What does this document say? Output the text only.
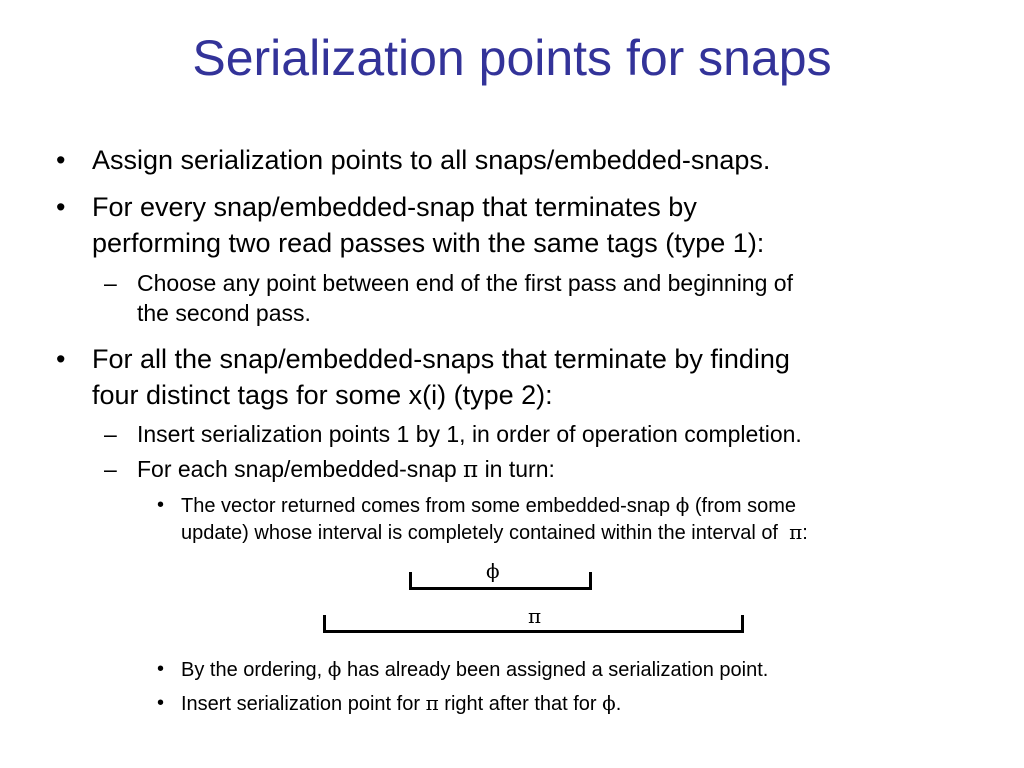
Serialization points for snaps
• Assign serialization points to all snaps/embedded-snaps.

• For every snap/embedded-snap that terminates by

performing two read passes with the same tags (type 1):

– Choose any point between end of the first pass and beginning of

the second pass.

• For all the snap/embedded-snaps that terminate by finding

four distinct tags for some x(i) (type 2):

– Insert serialization points 1 by 1, in order of operation completion.

– For each snap/embedded-snap π in turn:

• The vector returned comes from some embedded-snap ϕ (from some

update) whose interval is completely contained within the interval of π:

ϕ
π
• By the ordering, ϕ has already been assigned a serialization point.

• Insert serialization point for π right after that for ϕ.
